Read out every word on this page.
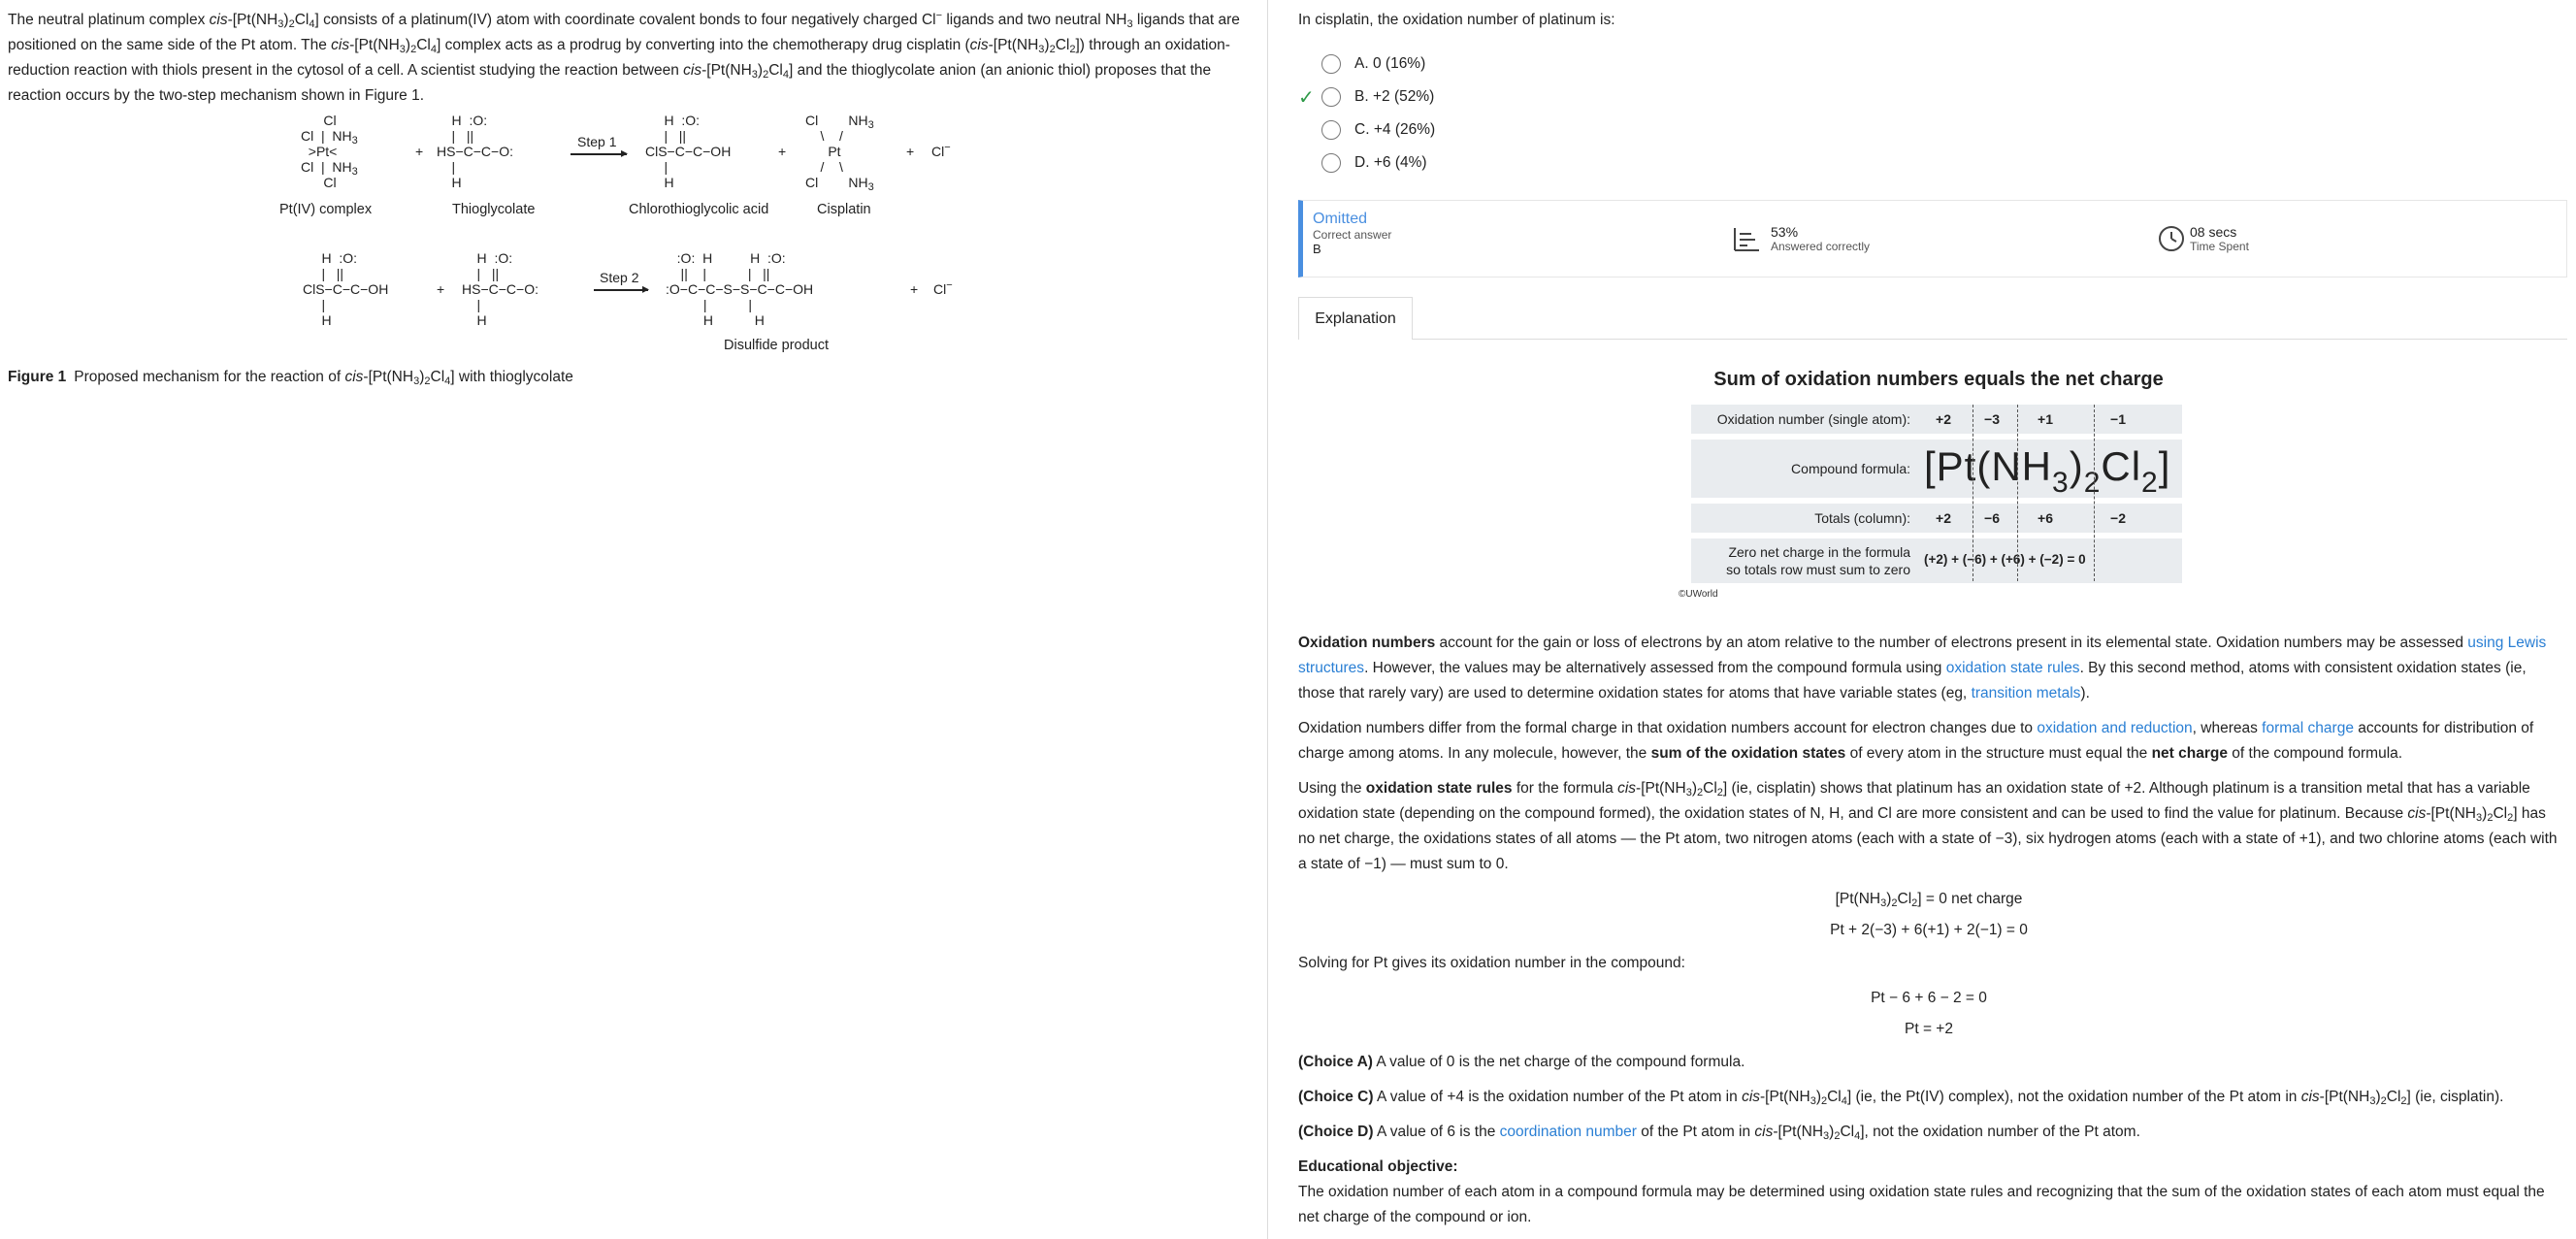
The neutral platinum complex cis-$[Pt(NH_3)_2Cl_4]$ consists of a platinum(IV) atom with coordinate covalent bonds to four negatively charged Cl− ligands and two neutral $NH_3$ ligands that are positioned on the same side of the Pt atom. The cis-$[Pt(NH_3)_2Cl_4]$ complex acts as a prodrug by converting into the chemotherapy drug cisplatin $(cis-[Pt(NH_3)_2Cl_2])$ through an oxidation-reduction reaction with thiols present in the cytosol of a cell. A scientist studying the reaction between cis-$[Pt(NH_3)_2Cl_4]$ and the thioglycolate anion (an anionic thiol) proposes that the reaction occurs by the two-step mechanism shown in Figure 1.
Cl
Cl  |  $NH_3$
>Pt<
Cl  |  $NH_3$
Cl
+
H  :O:
|   ||
HS−C−C−O:
|
H
Step 1
▸
H  :O:
|   ||
ClS−C−C−OH
|
H
+
Cl        $NH_3$
\    /
Pt
/    \
Cl        $NH_3$
+ Cl−
Pt(IV) complex	Thioglycolate	Chlorothioglycolic acid	Cisplatin
H  :O:
|   ||
ClS−C−C−OH
|
H
+
H  :O:
|   ||
HS−C−C−O:
|
H
Step 2
▸
:O:  H          H  :O:
||    |           |   ||
:O−C−C−S−S−C−C−OH
|           |
H           H
+ Cl−
Disulfide product
Figure 1 Proposed mechanism for the reaction of cis-$[Pt(NH_3)_2Cl_4]$ with thioglycolate
In cisplatin, the oxidation number of platinum is:
A.
0
(16%)
✓	B.
+2
(52%)
C.
+4
(26%)
D.
+6
(4%)
Omitted
Correct answer
B
53%
Answered correctly
08 secs
Time Spent
Explanation
Sum of oxidation numbers equals the net charge
Oxidation number (single atom):	+2	−3	+1	−1
Compound formula: $[Pt(NH_3)_2Cl_2]$
Totals (column):	+2	−6	+6	−2
Zero net charge in the formula
so totals row must sum to zero
(+2) + (−6) + (+6) + (−2) = 0
©UWorld

Oxidation numbers account for the gain or loss of electrons by an atom relative to the number of electrons present in its elemental state. Oxidation numbers may be assessed using Lewis structures. However, the values may be alternatively assessed from the compound formula using oxidation state rules. By this second method, atoms with consistent oxidation states (ie, those that rarely vary) are used to determine oxidation states for atoms that have variable states (eg, transition metals).

Oxidation numbers differ from the formal charge in that oxidation numbers account for electron changes due to oxidation and reduction, whereas formal charge accounts for distribution of charge among atoms. In any molecule, however, the sum of the oxidation states of every atom in the structure must equal the net charge of the compound formula.

Using the oxidation state rules for the formula cis-$[Pt(NH_3)_2Cl_2]$ (ie, cisplatin) shows that platinum has an oxidation state of +2. Although platinum is a transition metal that has a variable oxidation state (depending on the compound formed), the oxidation states of N, H, and Cl are more consistent and can be used to find the value for platinum. Because cis-$[Pt(NH_3)_2Cl_2]$ has no net charge, the oxidations states of all atoms — the Pt atom, two nitrogen atoms (each with a state of −3), six hydrogen atoms (each with a state of +1), and two chlorine atoms (each with a state of −1) — must sum to 0.

$[Pt(NH_3)_2Cl_2] = 0$ net charge
Pt + 2(−3) + 6(+1) + 2(−1) = 0

Solving for Pt gives its oxidation number in the compound:

Pt − 6 + 6 − 2 = 0
Pt = +2

(Choice A) A value of 0 is the net charge of the compound formula.

(Choice C) A value of +4 is the oxidation number of the Pt atom in cis-$[Pt(NH_3)_2Cl_4]$ (ie, the Pt(IV) complex), not the oxidation number of the Pt atom in cis-$[Pt(NH_3)_2Cl_2]$ (ie, cisplatin).

(Choice D) A value of 6 is the coordination number of the Pt atom in cis-$[Pt(NH_3)_2Cl_4]$, not the oxidation number of the Pt atom.

Educational objective:
The oxidation number of each atom in a compound formula may be determined using oxidation state rules and recognizing that the sum of the oxidation states of each atom must equal the net charge of the compound or ion.
